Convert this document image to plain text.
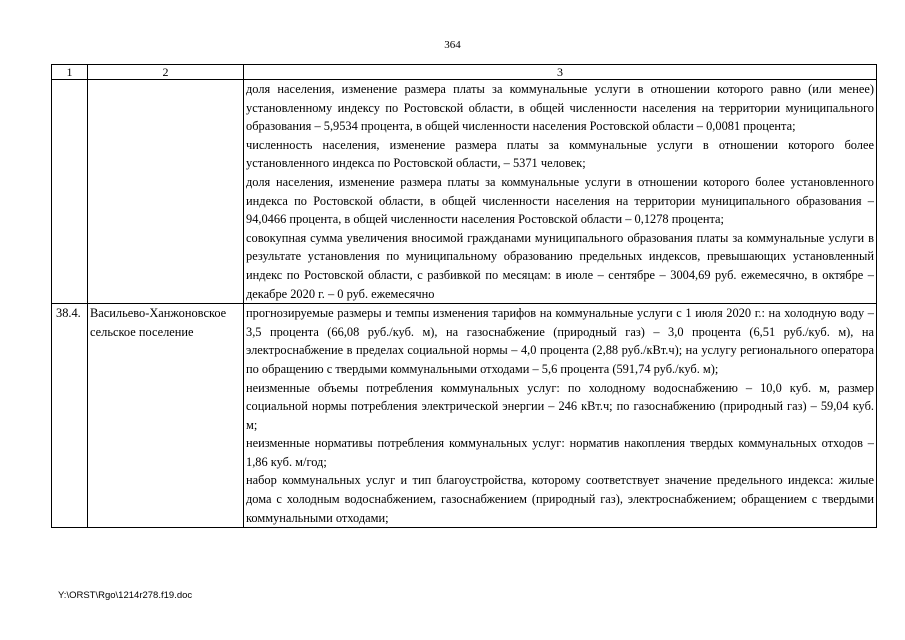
364
1	2	3

		доля населения, изменение размера платы за коммунальные услуги в отношении которого равно (или менее) установленному индексу по Ростовской области, в общей численности населения на территории муниципального образования – 5,9534 процента, в общей численности населения Ростовской области – 0,0081 процента;
численность населения, изменение размера платы за коммунальные услуги в отношении которого более установленного индекса по Ростовской области, – 5371 человек;
доля населения, изменение размера платы за коммунальные услуги в отношении которого более установленного индекса по Ростовской области, в общей численности населения на территории муниципального образования – 94,0466 процента, в общей численности населения Ростовской области – 0,1278 процента;
совокупная сумма увеличения вносимой гражданами муниципального образования платы за коммунальные услуги в результате установления по муниципальному образованию предельных индексов, превышающих установленный индекс по Ростовской области, с разбивкой по месяцам: в июле – сентябре – 3004,69 руб. ежемесячно, в октябре – декабре 2020 г. – 0 руб. ежемесячно

38.4.	Васильево-Ханжоновское сельское поселение	прогнозируемые размеры и темпы изменения тарифов на коммунальные услуги с 1 июля 2020 г.: на холодную воду – 3,5 процента (66,08 руб./куб. м), на газоснабжение (природный газ) – 3,0 процента (6,51 руб./куб. м), на электроснабжение в пределах социальной нормы – 4,0 процента (2,88 руб./кВт.ч); на услугу регионального оператора по обращению с твердыми коммунальными отходами – 5,6 процента (591,74 руб./куб. м);
неизменные объемы потребления коммунальных услуг: по холодному водоснабжению – 10,0 куб. м, размер социальной нормы потребления электрической энергии – 246 кВт.ч; по газоснабжению (природный газ) – 59,04 куб. м;
неизменные нормативы потребления коммунальных услуг: норматив накопления твердых коммунальных отходов – 1,86 куб. м/год;
набор коммунальных услуг и тип благоустройства, которому соответствует значение предельного индекса: жилые дома с холодным водоснабжением, газоснабжением (природный газ), электроснабжением; обращением с твердыми коммунальными отходами;
Y:\ORST\Rgo\1214r278.f19.doc
